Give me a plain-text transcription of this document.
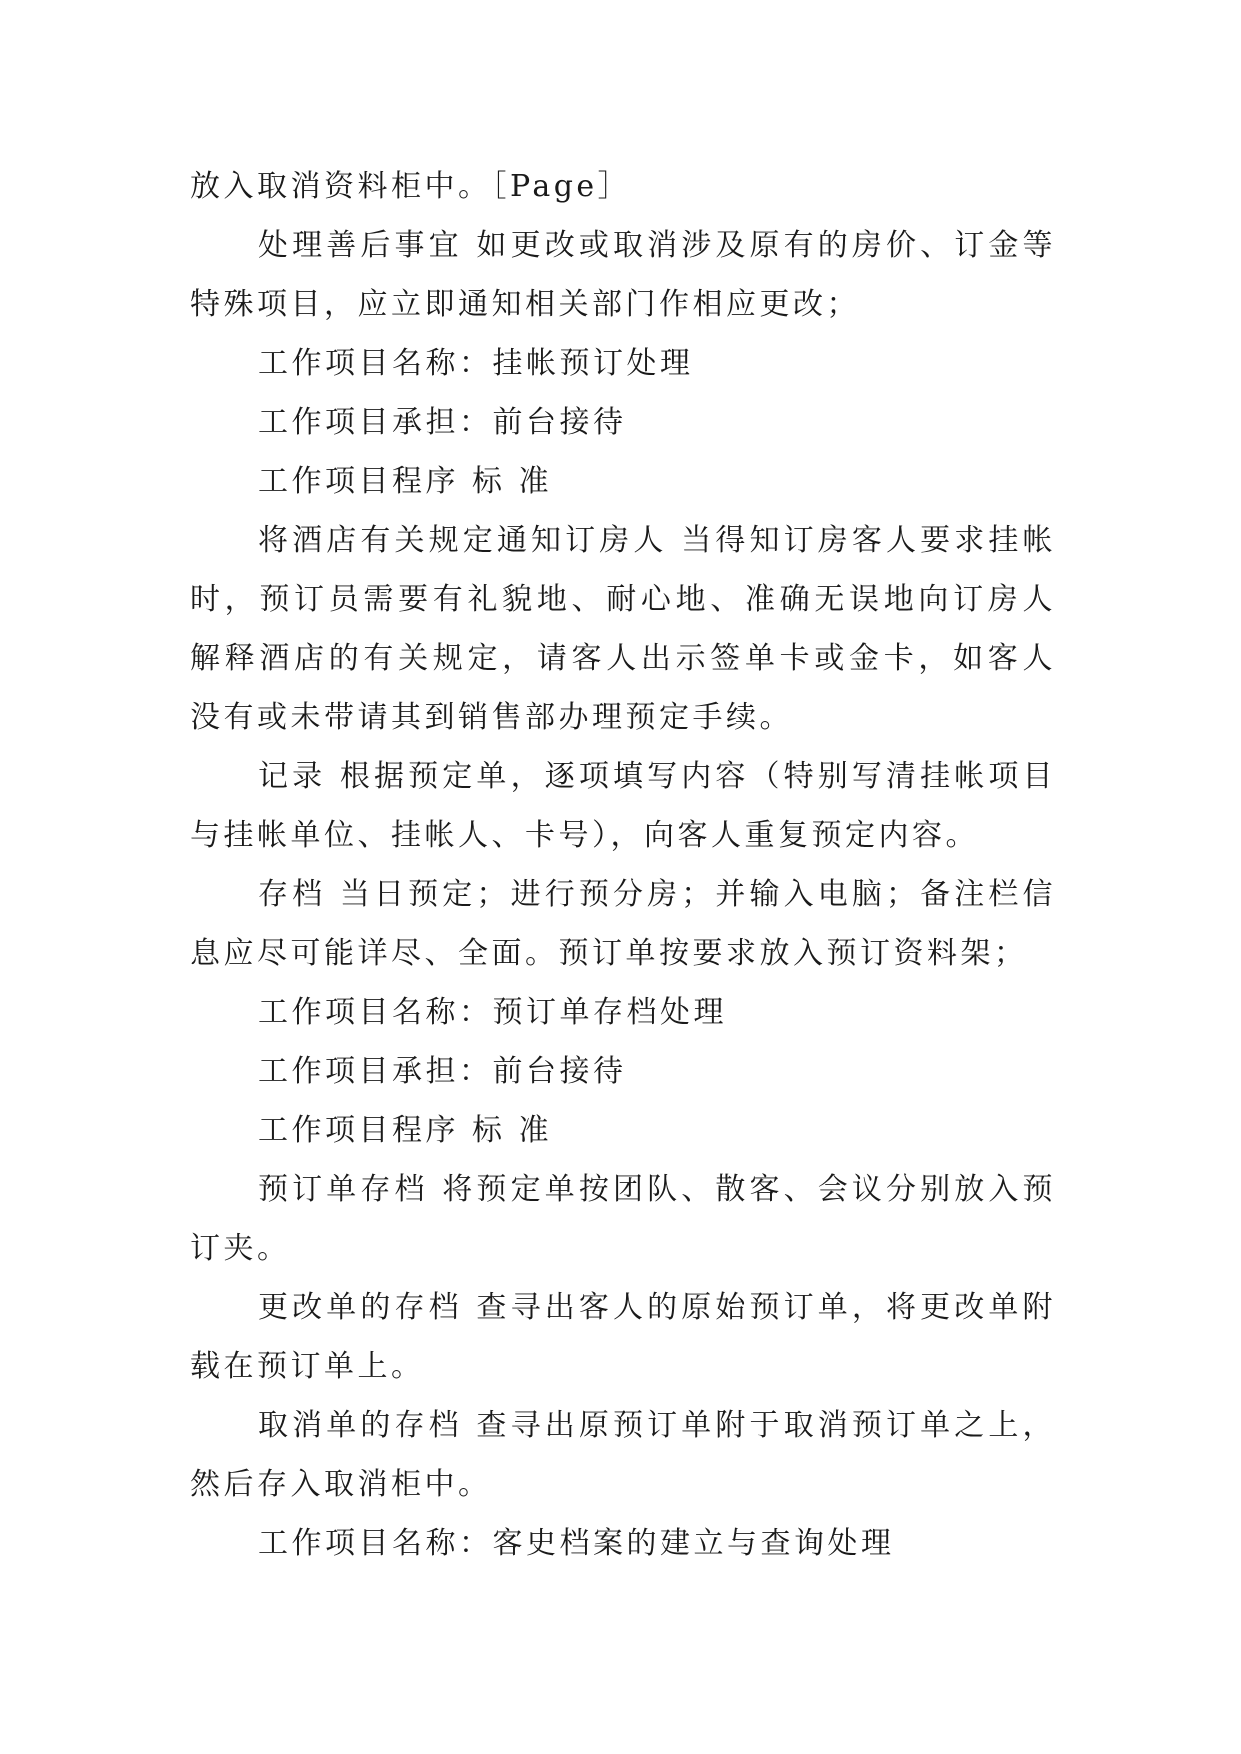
放入取消资料柜中。［Page］

处理善后事宜 如更改或取消涉及原有的房价、订金等特殊项目，应立即通知相关部门作相应更改；

工作项目名称：挂帐预订处理

工作项目承担：前台接待

工作项目程序 标 准

将酒店有关规定通知订房人 当得知订房客人要求挂帐时，预订员需要有礼貌地、耐心地、准确无误地向订房人解释酒店的有关规定，请客人出示签单卡或金卡，如客人没有或未带请其到销售部办理预定手续。

记录 根据预定单，逐项填写内容（特别写清挂帐项目与挂帐单位、挂帐人、卡号），向客人重复预定内容。

存档 当日预定；进行预分房；并输入电脑；备注栏信息应尽可能详尽、全面。预订单按要求放入预订资料架；

工作项目名称：预订单存档处理

工作项目承担：前台接待

工作项目程序 标 准

预订单存档 将预定单按团队、散客、会议分别放入预订夹。

更改单的存档 查寻出客人的原始预订单，将更改单附载在预订单上。

取消单的存档 查寻出原预订单附于取消预订单之上，然后存入取消柜中。

工作项目名称：客史档案的建立与查询处理
